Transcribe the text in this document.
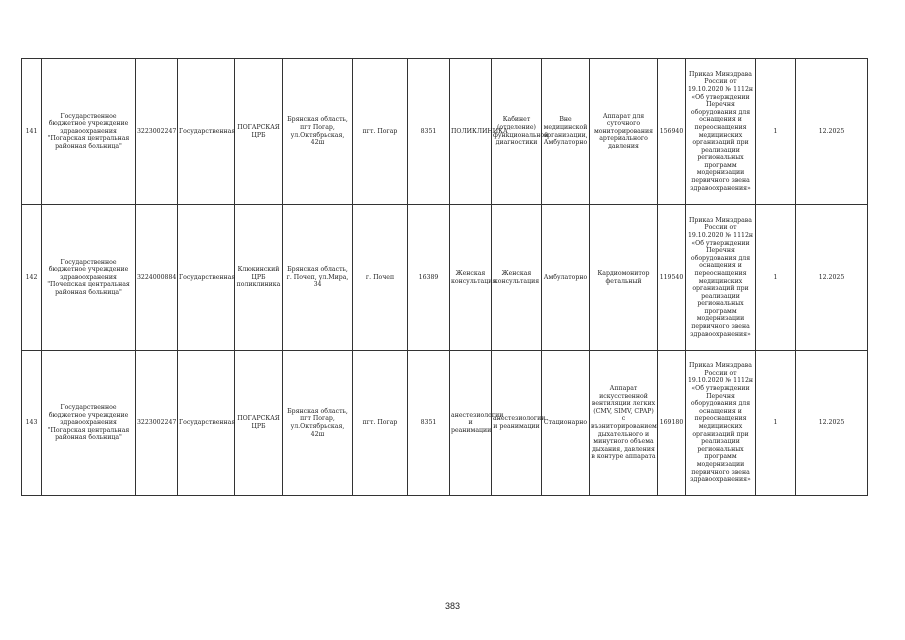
141	Государственное бюджетное учреждение здравоохранения "Погарская центральная районная больница"	3223002247	Государственная	ПОГАРСКАЯ ЦРБ	Брянская область, пгт Погар, ул.Октябрьская, 42ш	пгт. Погар	8351	ПОЛИКЛИНИКА	Кабинет (отделение) функциональной диагностики	Вне медицинской организации, Амбулаторно	Аппарат для суточного мониторирования артериального давления	156940	Приказ Минздрава России от 19.10.2020 № 1112н «Об утверждении Перечня оборудования для оснащения и переоснащения медицинских организаций при реализации региональных программ модернизации первичного звена здравоохранения»	1	12.2025
142	Государственное бюджетное учреждение здравоохранения "Почепская центральная районная больница"	3224000884	Государственная	Клюкинский ЦРБ поликлиника	Брянская область, г. Почеп, ул.Мира, 34	г. Почеп	16389	Женская консультация	Женская консультация	Амбулаторно	Кардиомонитор фетальный	119540	Приказ Минздрава России от 19.10.2020 № 1112н «Об утверждении Перечня оборудования для оснащения и переоснащения медицинских организаций при реализации региональных программ модернизации первичного звена здравоохранения»	1	12.2025
143	Государственное бюджетное учреждение здравоохранения "Погарская центральная районная больница"	3223002247	Государственная	ПОГАРСКАЯ ЦРБ	Брянская область, пгт Погар, ул.Октябрьская, 42ш	пгт. Погар	8351	анестезиологии и реанимации	анестезиологии и реанимации	Стационарно	Аппарат искусственной вентиляции легких (CMV, SIMV, CPAP) с възниторированием дыхательного и минутного объема дыхания, давления в контуре аппарата	169180	Приказ Минздрава России от 19.10.2020 № 1112н «Об утверждении Перечня оборудования для оснащения и переоснащения медицинских организаций при реализации региональных программ модернизации первичного звена здравоохранения»	1	12.2025
383
